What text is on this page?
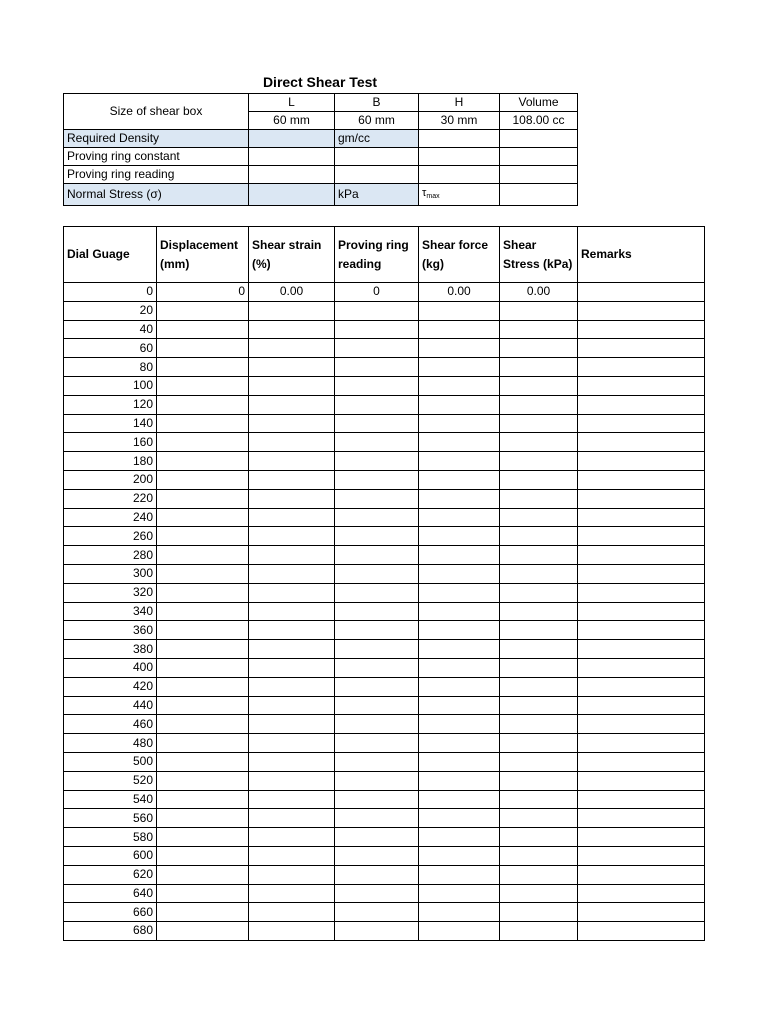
Direct Shear Test
Size of shear box	L	B	H	Volume
	60 mm	60 mm	30 mm	108.00 cc
Required Density		gm/cc		
Proving ring constant				
Proving ring reading				
Normal Stress (σ)		kPa	$\tau_{max}$	
Dial Guage	Displacement (mm)	Shear strain (%)	Proving ring reading	Shear force (kg)	Shear Stress (kPa)	Remarks
0	0	0.00	0	0.00	0.00	
20						
40						
60						
80						
100						
120						
140						
160						
180						
200						
220						
240						
260						
280						
300						
320						
340						
360						
380						
400						
420						
440						
460						
480						
500						
520						
540						
560						
580						
600						
620						
640						
660						
680						
